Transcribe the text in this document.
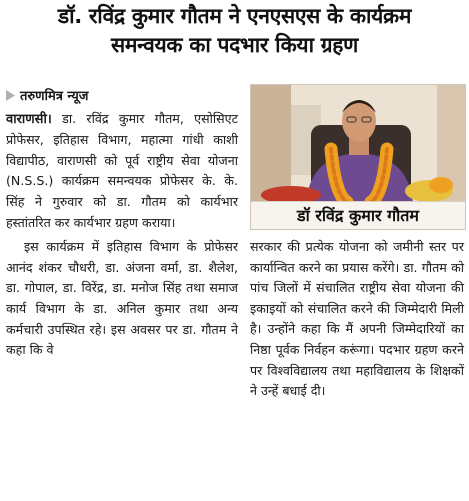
डॉ. रविंद्र कुमार गौतम ने एनएसएस के कार्यक्रम
समन्वयक का पदभार किया ग्रहण
तरुणमित्र न्यूज

वाराणसी। डा. रविंद्र कुमार गौतम, एसोसिएट प्रोफेसर, इतिहास विभाग, महात्मा गांधी काशी विद्यापीठ, वाराणसी को पूर्व राष्ट्रीय सेवा योजना (N.S.S.) कार्यक्रम समन्वयक प्रोफेसर के. के. सिंह ने गुरुवार को डा. गौतम को कार्यभार हस्तांतरित कर कार्यभार ग्रहण कराया।

इस कार्यक्रम में इतिहास विभाग के प्रोफेसर आनंद शंकर चौधरी, डा. अंजना वर्मा, डा. शैलेश, डा. गोपाल, डा. विरेंद्र, डा. मनोज सिंह तथा समाज कार्य विभाग के डा. अनिल कुमार तथा अन्य कर्मचारी उपस्थित रहे। इस अवसर पर डा. गौतम ने कहा कि वे

डॉ रविंद्र कुमार गौतम

सरकार की प्रत्येक योजना को जमीनी स्तर पर कार्यान्वित करने का प्रयास करेंगे। डा. गौतम को पांच जिलों में संचालित राष्ट्रीय सेवा योजना की इकाइयों को संचालित करने की जिम्मेदारी मिली है। उन्होंने कहा कि मैं अपनी जिम्मेदारियों का निष्ठा पूर्वक निर्वहन करूंगा। पदभार ग्रहण करने पर विश्वविद्यालय तथा महाविद्यालय के शिक्षकों ने उन्हें बधाई दी।
